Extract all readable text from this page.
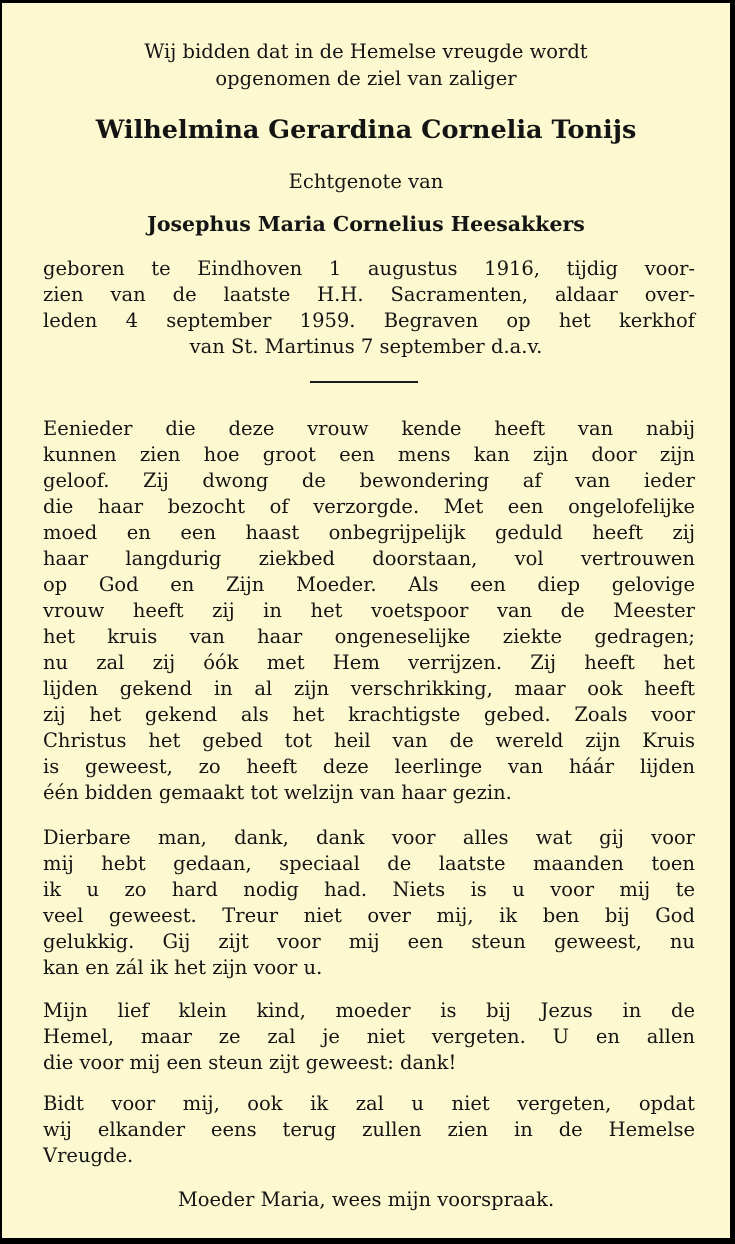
Wij bidden dat in de Hemelse vreugde wordt
opgenomen de ziel van zaliger
Wilhelmina Gerardina Cornelia Tonijs
Echtgenote van
Josephus Maria Cornelius Heesakkers
geboren te Eindhoven 1 augustus 1916, tijdig voor-
zien van de laatste H.H. Sacramenten, aldaar over-
leden 4 september 1959. Begraven op het kerkhof
van St. Martinus 7 september d.a.v.
Eenieder die deze vrouw kende heeft van nabij
kunnen zien hoe groot een mens kan zijn door zijn
geloof. Zij dwong de bewondering af van ieder
die haar bezocht of verzorgde. Met een ongelofelijke
moed en een haast onbegrijpelijk geduld heeft zij
haar langdurig ziekbed doorstaan, vol vertrouwen
op God en Zijn Moeder. Als een diep gelovige
vrouw heeft zij in het voetspoor van de Meester
het kruis van haar ongeneselijke ziekte gedragen;
nu zal zij óók met Hem verrijzen. Zij heeft het
lijden gekend in al zijn verschrikking, maar ook heeft
zij het gekend als het krachtigste gebed. Zoals voor
Christus het gebed tot heil van de wereld zijn Kruis
is geweest, zo heeft deze leerlinge van háár lijden
één bidden gemaakt tot welzijn van haar gezin.
Dierbare man, dank, dank voor alles wat gij voor
mij hebt gedaan, speciaal de laatste maanden toen
ik u zo hard nodig had. Niets is u voor mij te
veel geweest. Treur niet over mij, ik ben bij God
gelukkig. Gij zijt voor mij een steun geweest, nu
kan en zál ik het zijn voor u.
Mijn lief klein kind, moeder is bij Jezus in de
Hemel, maar ze zal je niet vergeten. U en allen
die voor mij een steun zijt geweest: dank!
Bidt voor mij, ook ik zal u niet vergeten, opdat
wij elkander eens terug zullen zien in de Hemelse
Vreugde.
Moeder Maria, wees mijn voorspraak.
